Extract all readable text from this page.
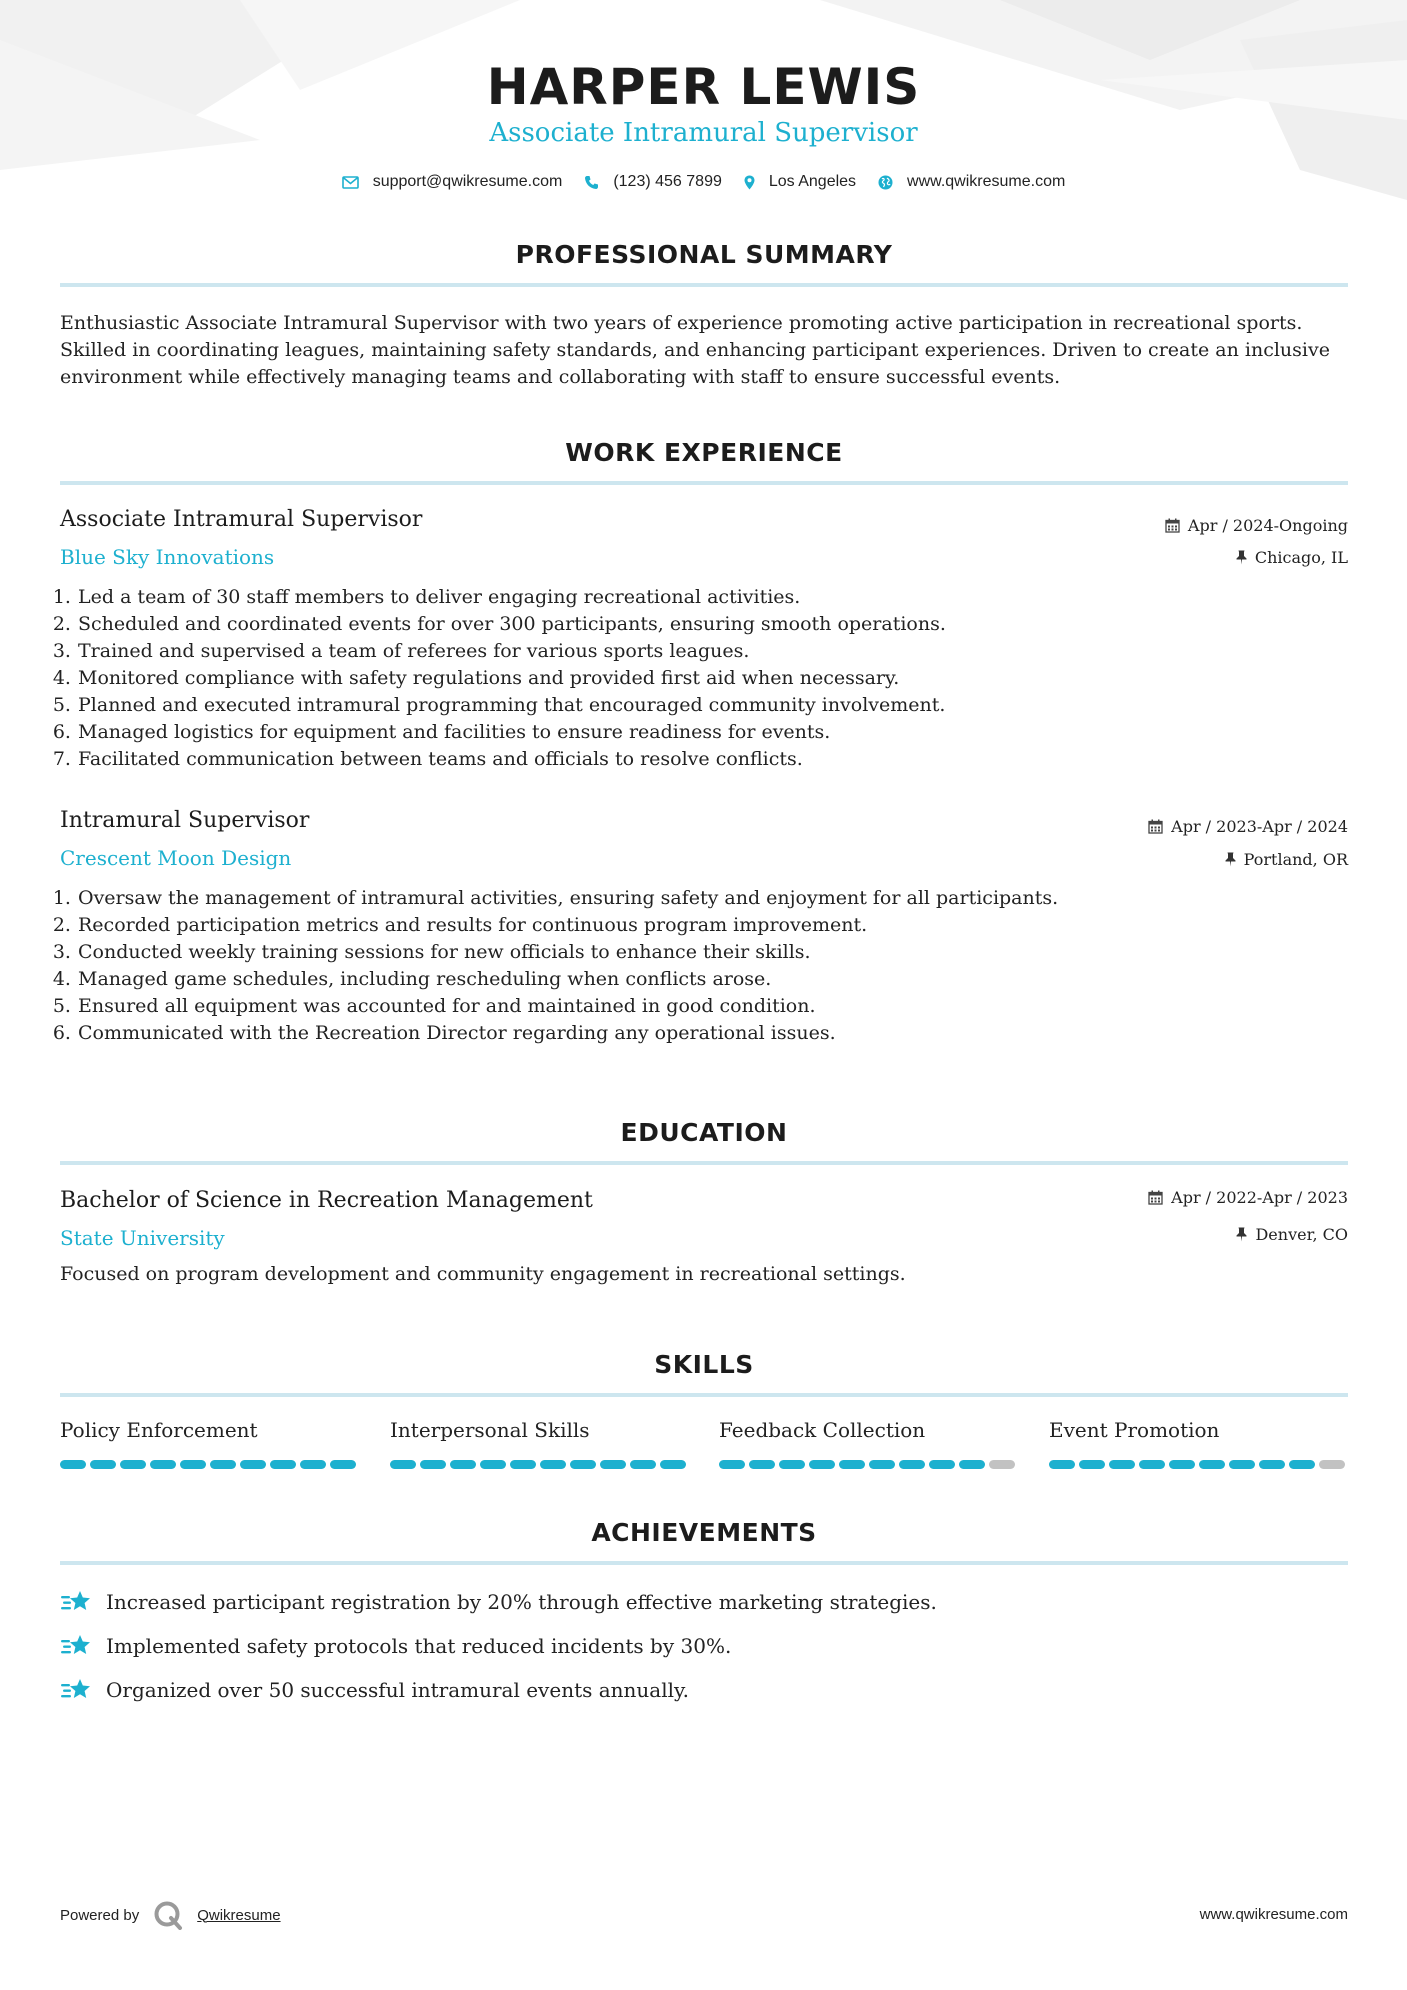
HARPER LEWIS
Associate Intramural Supervisor
support@qwikresume.com	(123) 456 7899	Los Angeles	www.qwikresume.com
PROFESSIONAL SUMMARY
Enthusiastic Associate Intramural Supervisor with two years of experience promoting active participation in recreational sports. Skilled in coordinating leagues, maintaining safety standards, and enhancing participant experiences. Driven to create an inclusive environment while effectively managing teams and collaborating with staff to ensure successful events.
WORK EXPERIENCE
Associate Intramural Supervisor
Blue Sky Innovations
Apr / 2024-Ongoing
Chicago, IL
1. Led a team of 30 staff members to deliver engaging recreational activities.
2. Scheduled and coordinated events for over 300 participants, ensuring smooth operations.
3. Trained and supervised a team of referees for various sports leagues.
4. Monitored compliance with safety regulations and provided first aid when necessary.
5. Planned and executed intramural programming that encouraged community involvement.
6. Managed logistics for equipment and facilities to ensure readiness for events.
7. Facilitated communication between teams and officials to resolve conflicts.
Intramural Supervisor
Crescent Moon Design
Apr / 2023-Apr / 2024
Portland, OR
1. Oversaw the management of intramural activities, ensuring safety and enjoyment for all participants.
2. Recorded participation metrics and results for continuous program improvement.
3. Conducted weekly training sessions for new officials to enhance their skills.
4. Managed game schedules, including rescheduling when conflicts arose.
5. Ensured all equipment was accounted for and maintained in good condition.
6. Communicated with the Recreation Director regarding any operational issues.
EDUCATION
Bachelor of Science in Recreation Management
State University
Apr / 2022-Apr / 2023
Denver, CO
Focused on program development and community engagement in recreational settings.
SKILLS
Policy Enforcement	Interpersonal Skills	Feedback Collection	Event Promotion
ACHIEVEMENTS
Increased participant registration by 20% through effective marketing strategies.
Implemented safety protocols that reduced incidents by 30%.
Organized over 50 successful intramural events annually.
Powered by	Qwikresume	www.qwikresume.com
